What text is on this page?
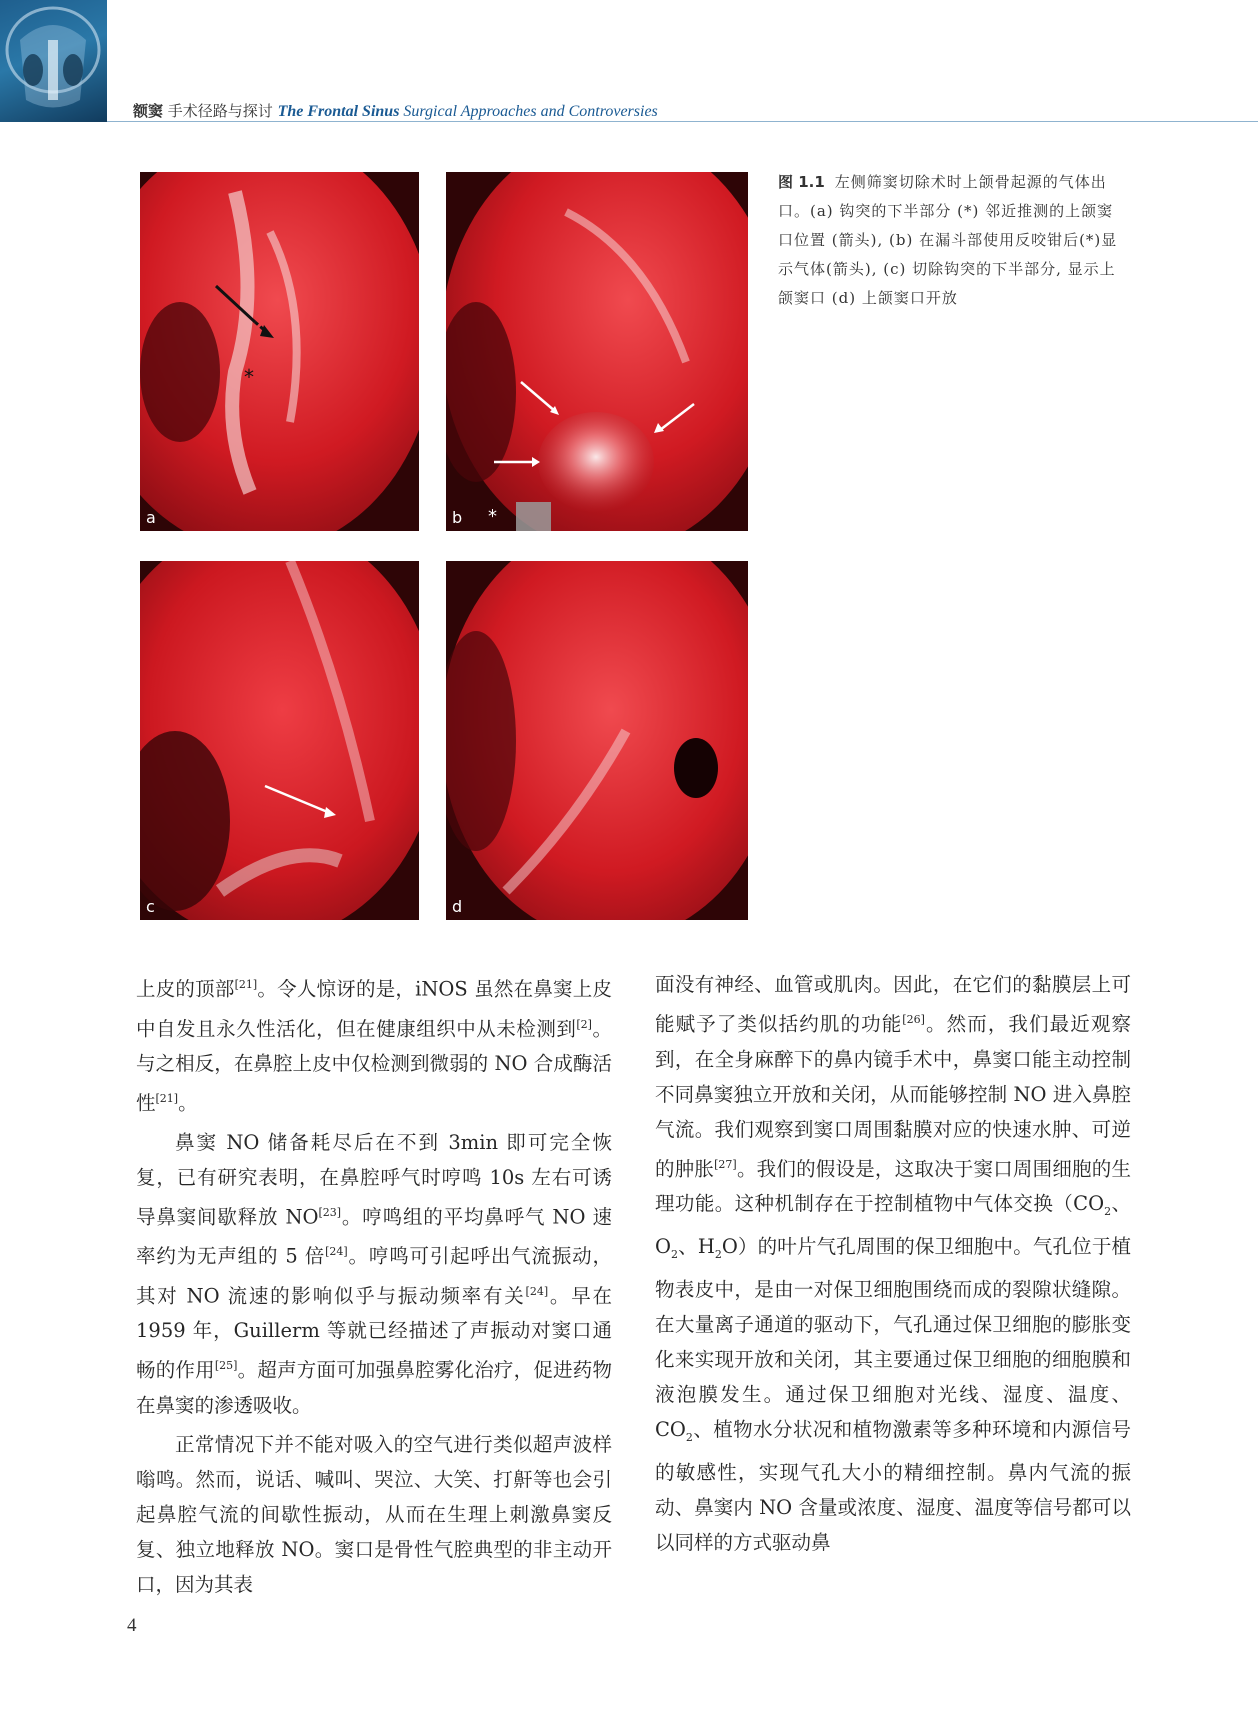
额窦 手术径路与探讨 The Frontal Sinus Surgical Approaches and Controversies
*
a	*
b
c	d
图 1.1 左侧筛窦切除术时上颌骨起源的气体出口。(a) 钩突的下半部分 (*) 邻近推测的上颌窦口位置 (箭头), (b) 在漏斗部使用反咬钳后(*)显示气体(箭头), (c) 切除钩突的下半部分, 显示上颌窦口 (d) 上颌窦口开放

上皮的顶部[21]。令人惊讶的是，iNOS 虽然在鼻窦上皮中自发且永久性活化，但在健康组织中从未检测到[2]。与之相反，在鼻腔上皮中仅检测到微弱的 NO 合成酶活性[21]。

鼻窦 NO 储备耗尽后在不到 3min 即可完全恢复，已有研究表明，在鼻腔呼气时哼鸣 10s 左右可诱导鼻窦间歇释放 NO[23]。哼鸣组的平均鼻呼气 NO 速率约为无声组的 5 倍[24]。哼鸣可引起呼出气流振动，其对 NO 流速的影响似乎与振动频率有关[24]。早在 1959 年，Guillerm 等就已经描述了声振动对窦口通畅的作用[25]。超声方面可加强鼻腔雾化治疗，促进药物在鼻窦的渗透吸收。

正常情况下并不能对吸入的空气进行类似超声波样嗡鸣。然而，说话、喊叫、哭泣、大笑、打鼾等也会引起鼻腔气流的间歇性振动，从而在生理上刺激鼻窦反复、独立地释放 NO。窦口是骨性气腔典型的非主动开口，因为其表

面没有神经、血管或肌肉。因此，在它们的黏膜层上可能赋予了类似括约肌的功能[26]。然而，我们最近观察到，在全身麻醉下的鼻内镜手术中，鼻窦口能主动控制不同鼻窦独立开放和关闭，从而能够控制 NO 进入鼻腔气流。我们观察到窦口周围黏膜对应的快速水肿、可逆的肿胀[27]。我们的假设是，这取决于窦口周围细胞的生理功能。这种机制存在于控制植物中气体交换（$CO_2$、$O_2$、$H_2O$）的叶片气孔周围的保卫细胞中。气孔位于植物表皮中，是由一对保卫细胞围绕而成的裂隙状缝隙。在大量离子通道的驱动下，气孔通过保卫细胞的膨胀变化来实现开放和关闭，其主要通过保卫细胞的细胞膜和液泡膜发生。通过保卫细胞对光线、湿度、温度、$CO_2$、植物水分状况和植物激素等多种环境和内源信号的敏感性，实现气孔大小的精细控制。鼻内气流的振动、鼻窦内 NO 含量或浓度、湿度、温度等信号都可以以同样的方式驱动鼻

4
